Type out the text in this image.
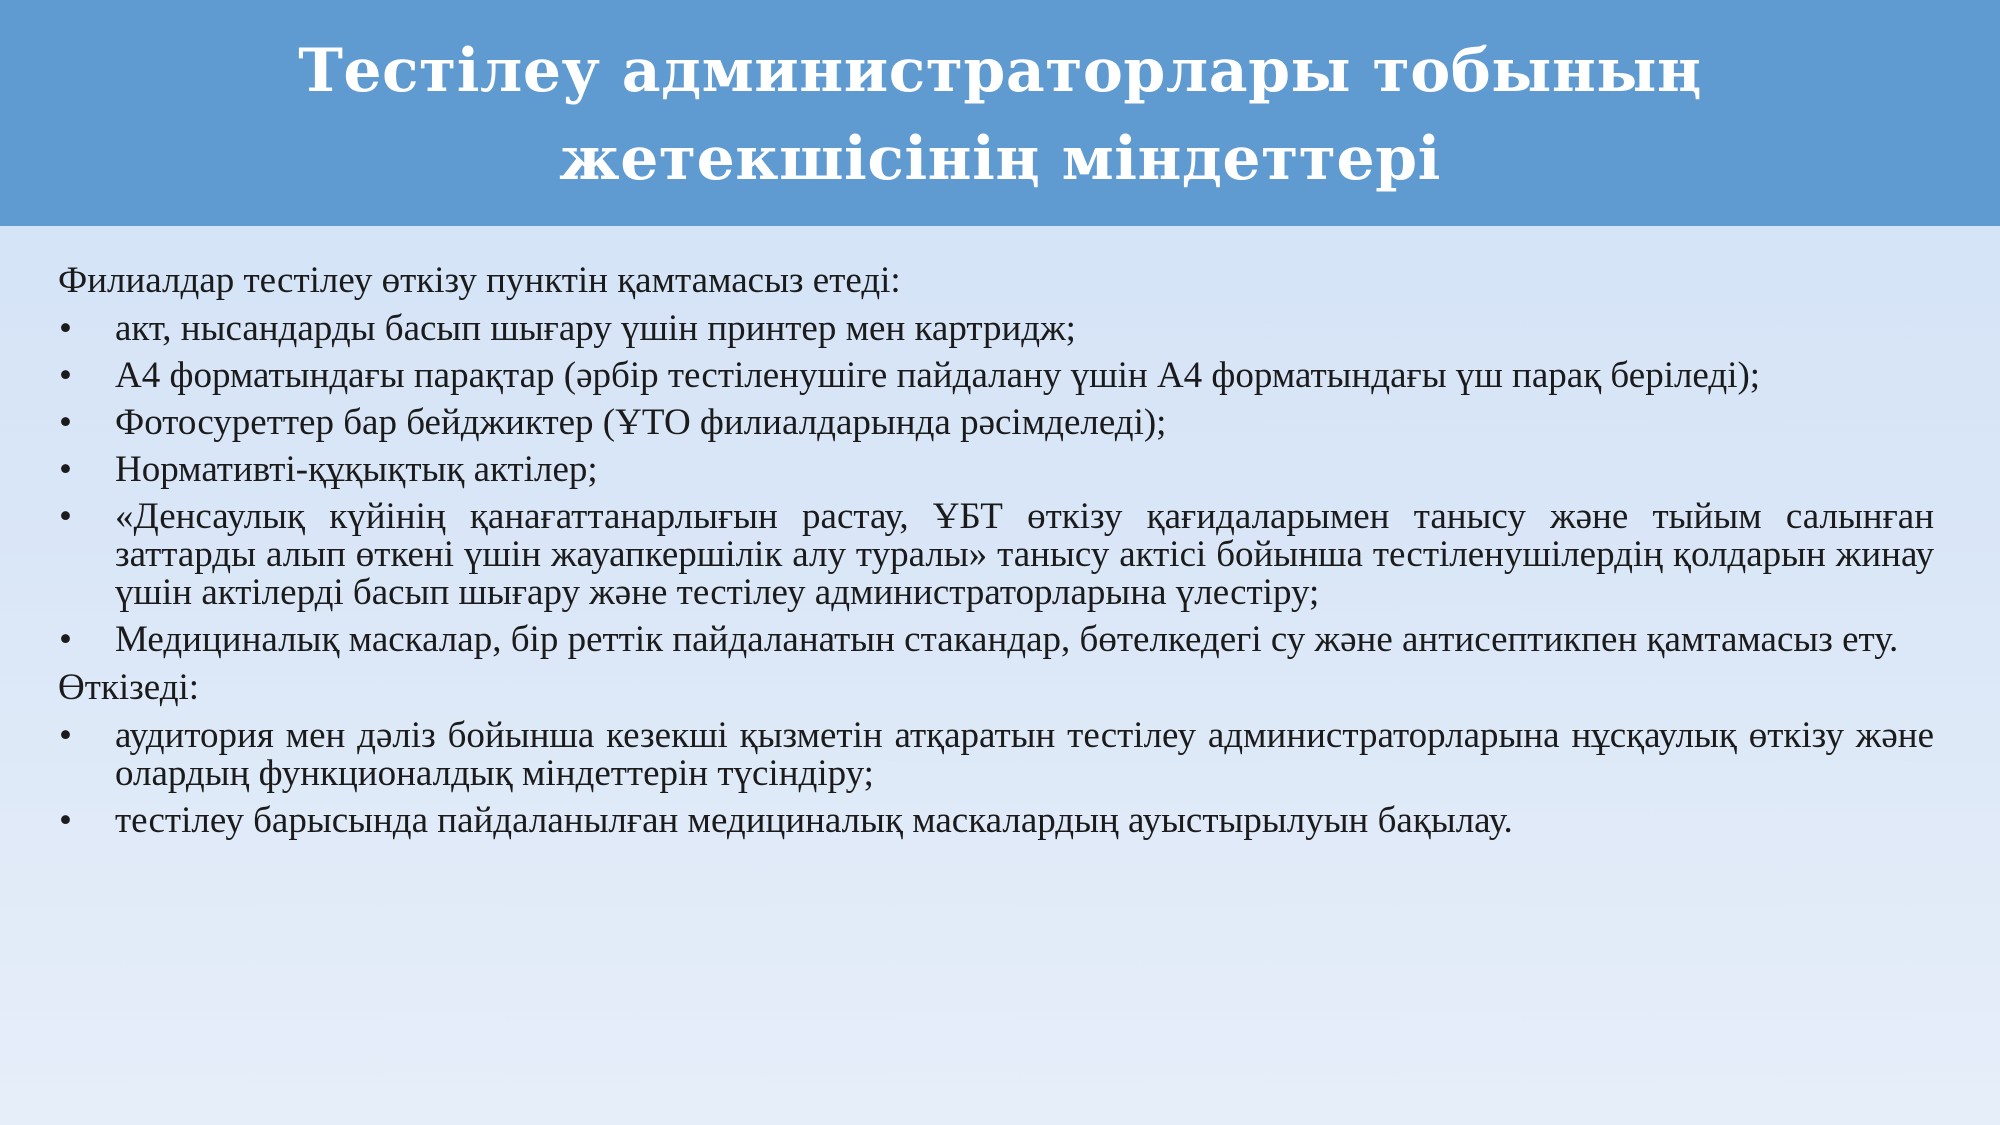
Тестілеу администраторлары тобының
жетекшісінің міндеттері

Филиалдар тестілеу өткізу пунктін қамтамасыз етеді:

•	акт, нысандарды басып шығару үшін принтер мен картридж;
•	А4 форматындағы парақтар (әрбір тестіленушіге пайдалану үшін А4 форматындағы үш парақ беріледі);
•	Фотосуреттер бар бейджиктер (ҰТО филиалдарында рәсімделеді);
•	Нормативті-құқықтық актілер;
•	«Денсаулық күйінің қанағаттанарлығын растау, ҰБТ өткізу қағидаларымен танысу және тыйым салынған заттарды алып өткені үшін жауапкершілік алу туралы» танысу актісі бойынша тестіленушілердің қолдарын жинау үшін актілерді басып шығару және тестілеу администраторларына үлестіру;
•	Медициналық маскалар, бір реттік пайдаланатын стакандар, бөтелкедегі су және антисептикпен қамтамасыз ету.

Өткізеді:

•	аудитория мен дәліз бойынша кезекші қызметін атқаратын тестілеу администраторларына нұсқаулық өткізу және олардың функционалдық міндеттерін түсіндіру;
•	тестілеу барысында пайдаланылған медициналық маскалардың ауыстырылуын бақылау.
